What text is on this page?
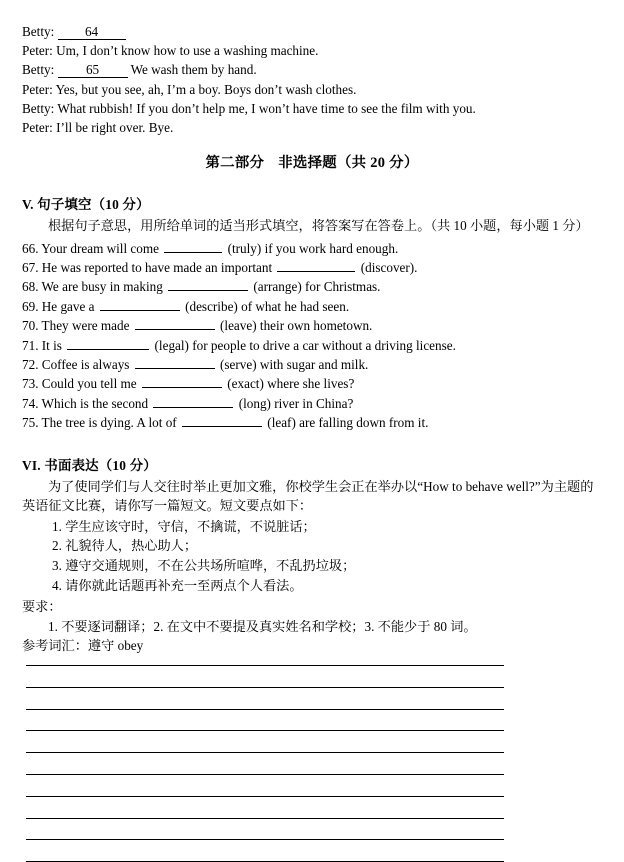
Betty: 64
Peter: Um, I don’t know how to use a washing machine.
Betty: 65 We wash them by hand.
Peter: Yes, but you see, ah, I’m a boy. Boys don’t wash clothes.
Betty: What rubbish! If you don’t help me, I won’t have time to see the film with you.
Peter: I’ll be right over. Bye.
第二部分 非选择题（共 20 分）
V. 句子填空（10 分）
根据句子意思，用所给单词的适当形式填空，将答案写在答卷上。（共 10 小题，每小题 1 分）
66. Your dream will come	(truly) if you work hard enough.
67. He was reported to have made an important	(discover).
68. We are busy in making	(arrange) for Christmas.
69. He gave a	(describe) of what he had seen.
70. They were made	(leave) their own hometown.
71. It is	(legal) for people to drive a car without a driving license.
72. Coffee is always	(serve) with sugar and milk.
73. Could you tell me	(exact) where she lives?
74. Which is the second	(long) river in China?
75. The tree is dying. A lot of	(leaf) are falling down from it.
VI. 书面表达（10 分）
为了使同学们与人交往时举止更加文雅，你校学生会正在举办以“How to behave well?”为主题的英语征文比赛，请你写一篇短文。短文要点如下：
1. 学生应该守时，守信，不擒谎，不说脏话；
2. 礼貌待人，热心助人；
3. 遵守交通规则，不在公共场所喧哗，不乱扔垃圾；
4. 请你就此话题再补充一至两点个人看法。
要求：
1. 不要逐词翻译；2. 在文中不要提及真实姓名和学校；3. 不能少于 80 词。
参考词汇：遵守 obey
